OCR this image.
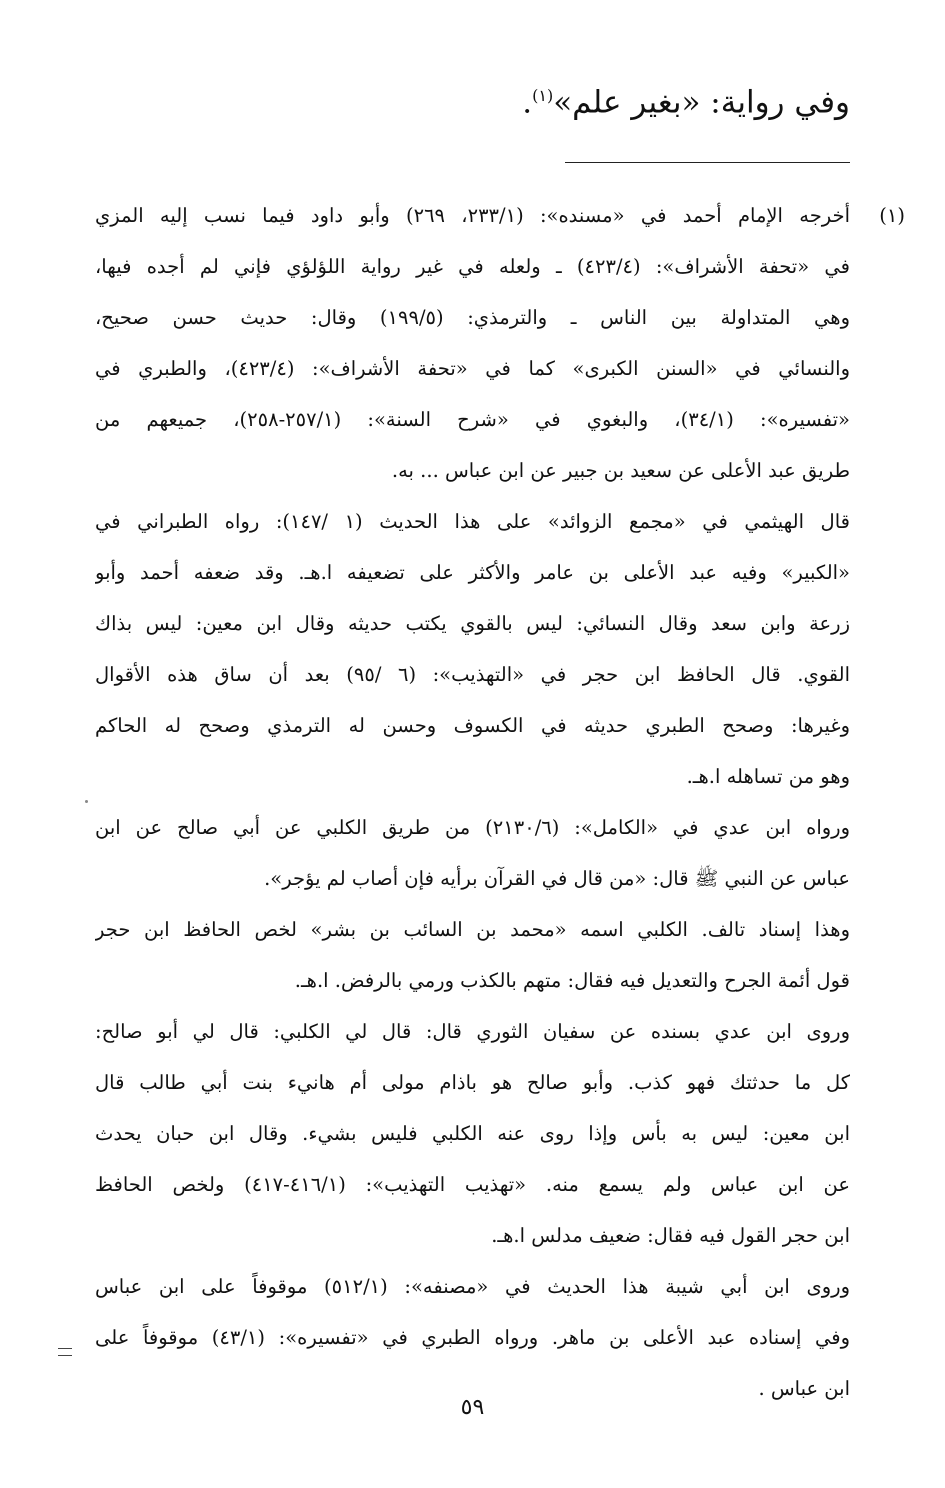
وفي رواية: «بغير علم»$^{(١)}$.
(١)
أخرجه الإمام أحمد في «مسنده»: (٢٣٣/١، ٢٦٩) وأبو داود فيما نسب إليه المزي
في «تحفة الأشراف»: (٤٢٣/٤) ـ ولعله في غير رواية اللؤلؤي فإني لم أجده فيها،
وهي المتداولة بين الناس ـ والترمذي: (١٩٩/٥) وقال: حديث حسن صحيح،
والنسائي في «السنن الكبرى» كما في «تحفة الأشراف»: (٤٢٣/٤)، والطبري في
«تفسيره»: (٣٤/١)، والبغوي في «شرح السنة»: (٢٥٧/١-٢٥٨)، جميعهم من
طريق عبد الأعلى عن سعيد بن جبير عن ابن عباس ... به.
قال الهيثمي في «مجمع الزوائد» على هذا الحديث (١ /١٤٧): رواه الطبراني في
«الكبير» وفيه عبد الأعلى بن عامر والأكثر على تضعيفه ا.هـ. وقد ضعفه أحمد وأبو
زرعة وابن سعد وقال النسائي: ليس بالقوي يكتب حديثه وقال ابن معين: ليس بذاك
القوي. قال الحافظ ابن حجر في «التهذيب»: (٦ /٩٥) بعد أن ساق هذه الأقوال
وغيرها: وصحح الطبري حديثه في الكسوف وحسن له الترمذي وصحح له الحاكم
وهو من تساهله ا.هـ.
ورواه ابن عدي في «الكامل»: (٢١٣٠/٦) من طريق الكلبي عن أبي صالح عن ابن
عباس عن النبي ﷺ قال: «من قال في القرآن برأيه فإن أصاب لم يؤجر».
وهذا إسناد تالف. الكلبي اسمه «محمد بن السائب بن بشر» لخص الحافظ ابن حجر
قول أئمة الجرح والتعديل فيه فقال: متهم بالكذب ورمي بالرفض. ا.هـ.
وروى ابن عدي بسنده عن سفيان الثوري قال: قال لي الكلبي: قال لي أبو صالح:
كل ما حدثتك فهو كذب. وأبو صالح هو باذام مولى أم هانيء بنت أبي طالب قال
ابن معين: ليس به بأس وإذا روى عنه الكلبي فليس بشيء. وقال ابن حبان يحدث
عن ابن عباس ولم يسمع منه. «تهذيب التهذيب»: (٤١٦/١-٤١٧) ولخص الحافظ
ابن حجر القول فيه فقال: ضعيف مدلس ا.هـ.
وروى ابن أبي شيبة هذا الحديث في «مصنفه»: (٥١٢/١) موقوفاً على ابن عباس
وفي إسناده عبد الأعلى بن ماهر. ورواه الطبري في «تفسيره»: (٤٣/١) موقوفاً على
ابن عباس .
٥٩
